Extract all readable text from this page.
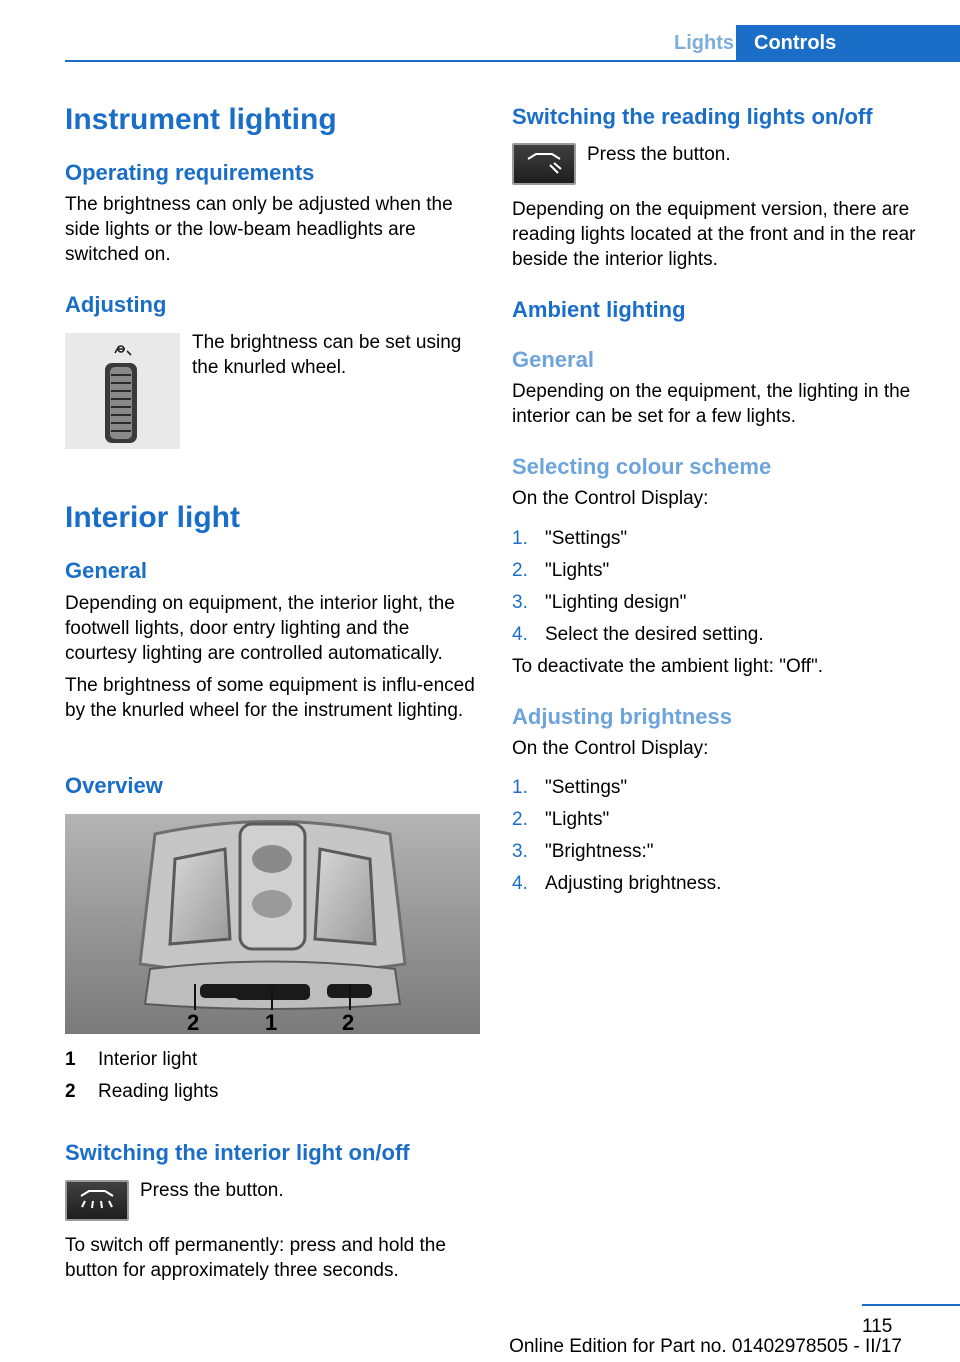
Lights Controls
Instrument lighting
Operating requirements

The brightness can only be adjusted when the side lights or the low-beam headlights are switched on.

Adjusting

The brightness can be set using the knurled wheel.

Interior light
General

Depending on equipment, the interior light, the footwell lights, door entry lighting and the courtesy lighting are controlled automatically.

The brightness of some equipment is influ‐enced by the knurled wheel for the instrument lighting.

Overview
2	1	2
1 Interior light
2 Reading lights
Switching the interior light on/off

Press the button.

To switch off permanently: press and hold the button for approximately three seconds.

Switching the reading lights on/off

Press the button.

Depending on the equipment version, there are reading lights located at the front and in the rear beside the interior lights.

Ambient lighting
General

Depending on the equipment, the lighting in the interior can be set for a few lights.

Selecting colour scheme

On the Control Display:

1. "Settings"
2. "Lights"
3. "Lighting design"
4. Select the desired setting.

To deactivate the ambient light: "Off".

Adjusting brightness

On the Control Display:

1. "Settings"
2. "Lights"
3. "Brightness:"
4. Adjusting brightness.
115
Online Edition for Part no. 01402978505 - II/17
